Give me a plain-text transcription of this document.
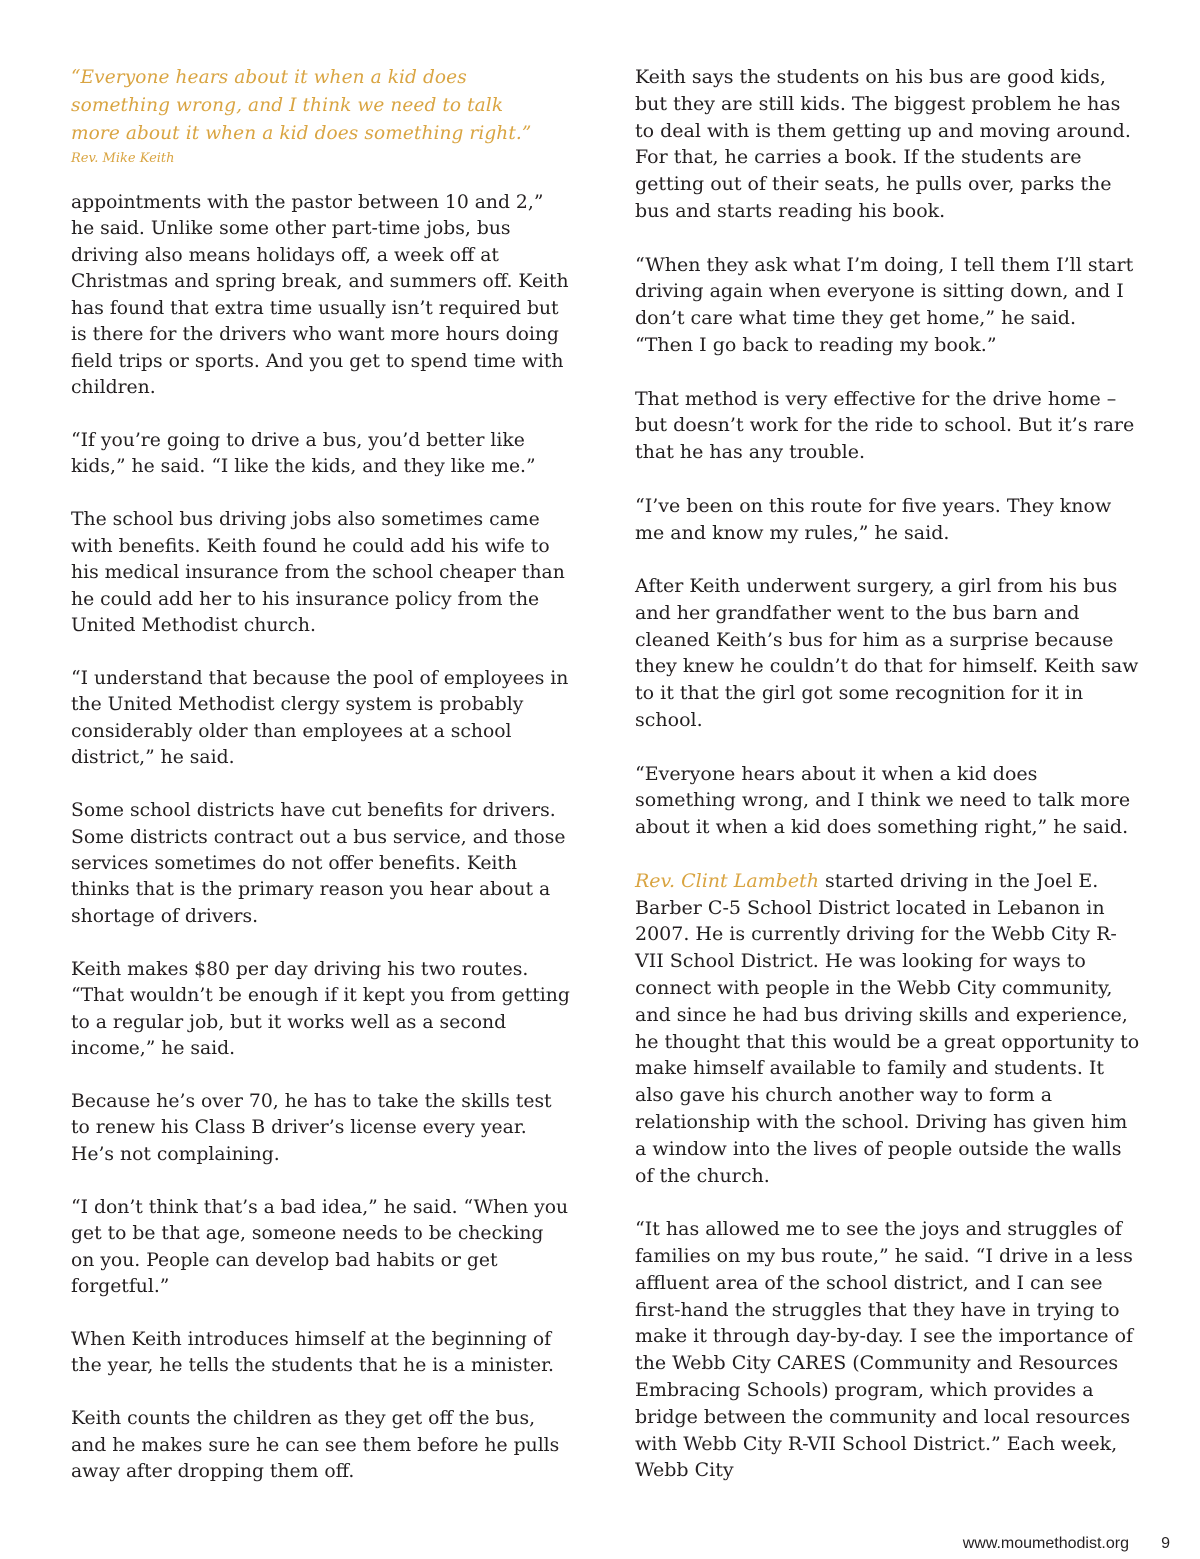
“Everyone hears about it when a kid does
something wrong, and I think we need to talk
more about it when a kid does something right.”
Rev. Mike Keith

appointments with the pastor between 10 and 2,” he said. Unlike some other part-time jobs, bus driving also means holidays off, a week off at Christmas and spring break, and summers off. Keith has found that extra time usually isn’t required but is there for the drivers who want more hours doing field trips or sports. And you get to spend time with children.

“If you’re going to drive a bus, you’d better like kids,” he said. “I like the kids, and they like me.”

The school bus driving jobs also sometimes came with benefits. Keith found he could add his wife to his medical insurance from the school cheaper than he could add her to his insurance policy from the United Methodist church.

“I understand that because the pool of employees in the United Methodist clergy system is probably considerably older than employees at a school district,” he said.

Some school districts have cut benefits for drivers. Some districts contract out a bus service, and those services sometimes do not offer benefits. Keith thinks that is the primary reason you hear about a shortage of drivers.

Keith makes $80 per day driving his two routes. “That wouldn’t be enough if it kept you from getting to a regular job, but it works well as a second income,” he said.

Because he’s over 70, he has to take the skills test to renew his Class B driver’s license every year. He’s not complaining.

“I don’t think that’s a bad idea,” he said. “When you get to be that age, someone needs to be checking on you. People can develop bad habits or get forgetful.”

When Keith introduces himself at the beginning of the year, he tells the students that he is a minister.

Keith counts the children as they get off the bus, and he makes sure he can see them before he pulls away after dropping them off.

Keith says the students on his bus are good kids, but they are still kids. The biggest problem he has to deal with is them getting up and moving around. For that, he carries a book. If the students are getting out of their seats, he pulls over, parks the bus and starts reading his book.

“When they ask what I’m doing, I tell them I’ll start driving again when everyone is sitting down, and I don’t care what time they get home,” he said. “Then I go back to reading my book.”

That method is very effective for the drive home – but doesn’t work for the ride to school. But it’s rare that he has any trouble.

“I’ve been on this route for five years. They know me and know my rules,” he said.

After Keith underwent surgery, a girl from his bus and her grandfather went to the bus barn and cleaned Keith’s bus for him as a surprise because they knew he couldn’t do that for himself. Keith saw to it that the girl got some recognition for it in school.

“Everyone hears about it when a kid does something wrong, and I think we need to talk more about it when a kid does something right,” he said.

Rev. Clint Lambeth started driving in the Joel E. Barber C-5 School District located in Lebanon in 2007. He is currently driving for the Webb City R-VII School District. He was looking for ways to connect with people in the Webb City community, and since he had bus driving skills and experience, he thought that this would be a great opportunity to make himself available to family and students. It also gave his church another way to form a relationship with the school. Driving has given him a window into the lives of people outside the walls of the church.

“It has allowed me to see the joys and struggles of families on my bus route,” he said. “I drive in a less affluent area of the school district, and I can see first-hand the struggles that they have in trying to make it through day-by-day. I see the importance of the Webb City CARES (Community and Resources Embracing Schools) program, which provides a bridge between the community and local resources with Webb City R-VII School District.” Each week, Webb City

www.moumethodist.org 9
